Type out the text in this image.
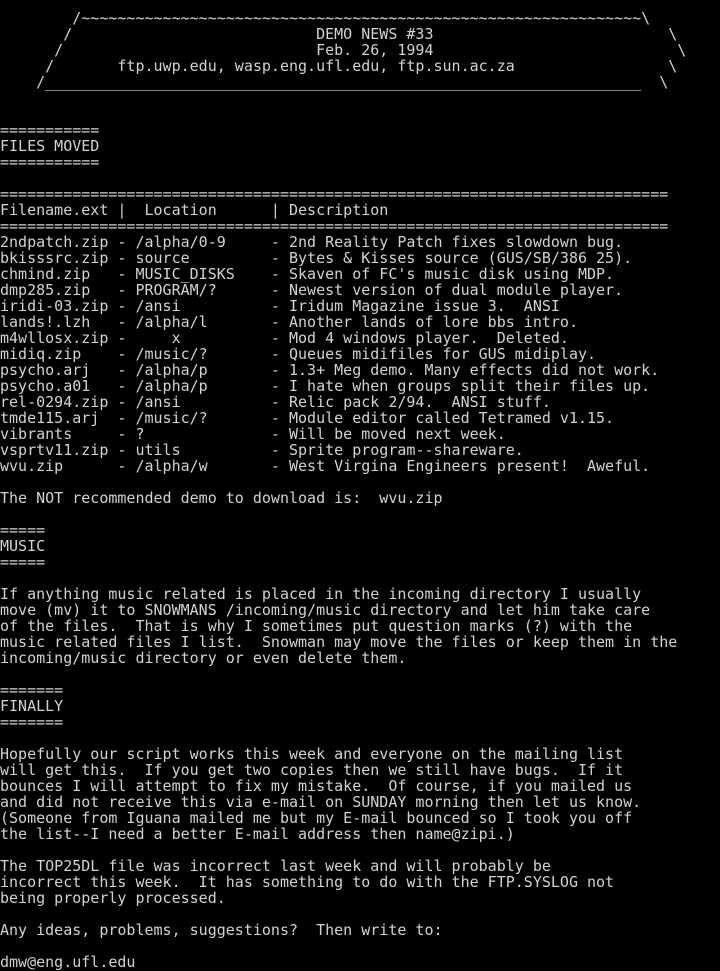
/~~~~~~~~~~~~~~~~~~~~~~~~~~~~~~~~~~~~~~~~~~~~~~~~~~~~~~~~~~~~~~\
/                           DEMO NEWS #33                          \
/                            Feb. 26, 1994                           \
/       ftp.uwp.edu, wasp.eng.ufl.edu, ftp.sun.ac.za                 \
/__________________________________________________________________  \
===========
FILES MOVED
===========
==========================================================================
Filename.ext |  Location      | Description
==========================================================================
2ndpatch.zip - /alpha/0-9     - 2nd Reality Patch fixes slowdown bug.
bkisssrc.zip - source         - Bytes & Kisses source (GUS/SB/386 25).
chmind.zip   - MUSIC_DISKS    - Skaven of FC's music disk using MDP.
dmp285.zip   - PROGRAM/?      - Newest version of dual module player.
iridi-03.zip - /ansi          - Iridum Magazine issue 3.  ANSI
lands!.lzh   - /alpha/l       - Another lands of lore bbs intro.
m4wllosx.zip -     x          - Mod 4 windows player.  Deleted.
midiq.zip    - /music/?       - Queues midifiles for GUS midiplay.
psycho.arj   - /alpha/p       - 1.3+ Meg demo. Many effects did not work.
psycho.a01   - /alpha/p       - I hate when groups split their files up.
rel-0294.zip - /ansi          - Relic pack 2/94.  ANSI stuff.
tmde115.arj  - /music/?       - Module editor called Tetramed v1.15.
vibrants     - ?              - Will be moved next week.
vsprtv11.zip - utils          - Sprite program--shareware.
wvu.zip      - /alpha/w       - West Virgina Engineers present!  Aweful.
The NOT recommended demo to download is:  wvu.zip
=====
MUSIC
=====
If anything music related is placed in the incoming directory I usually
move (mv) it to SNOWMANS /incoming/music directory and let him take care
of the files.  That is why I sometimes put question marks (?) with the
music related files I list.  Snowman may move the files or keep them in the
incoming/music directory or even delete them.
=======
FINALLY
=======
Hopefully our script works this week and everyone on the mailing list
will get this.  If you get two copies then we still have bugs.  If it
bounces I will attempt to fix my mistake.  Of course, if you mailed us
and did not receive this via e-mail on SUNDAY morning then let us know.
(Someone from Iguana mailed me but my E-mail bounced so I took you off
the list--I need a better E-mail address then name@zipi.)
The TOP25DL file was incorrect last week and will probably be
incorrect this week.  It has something to do with the FTP.SYSLOG not
being properly processed.
Any ideas, problems, suggestions?  Then write to:
dmw@eng.ufl.edu
